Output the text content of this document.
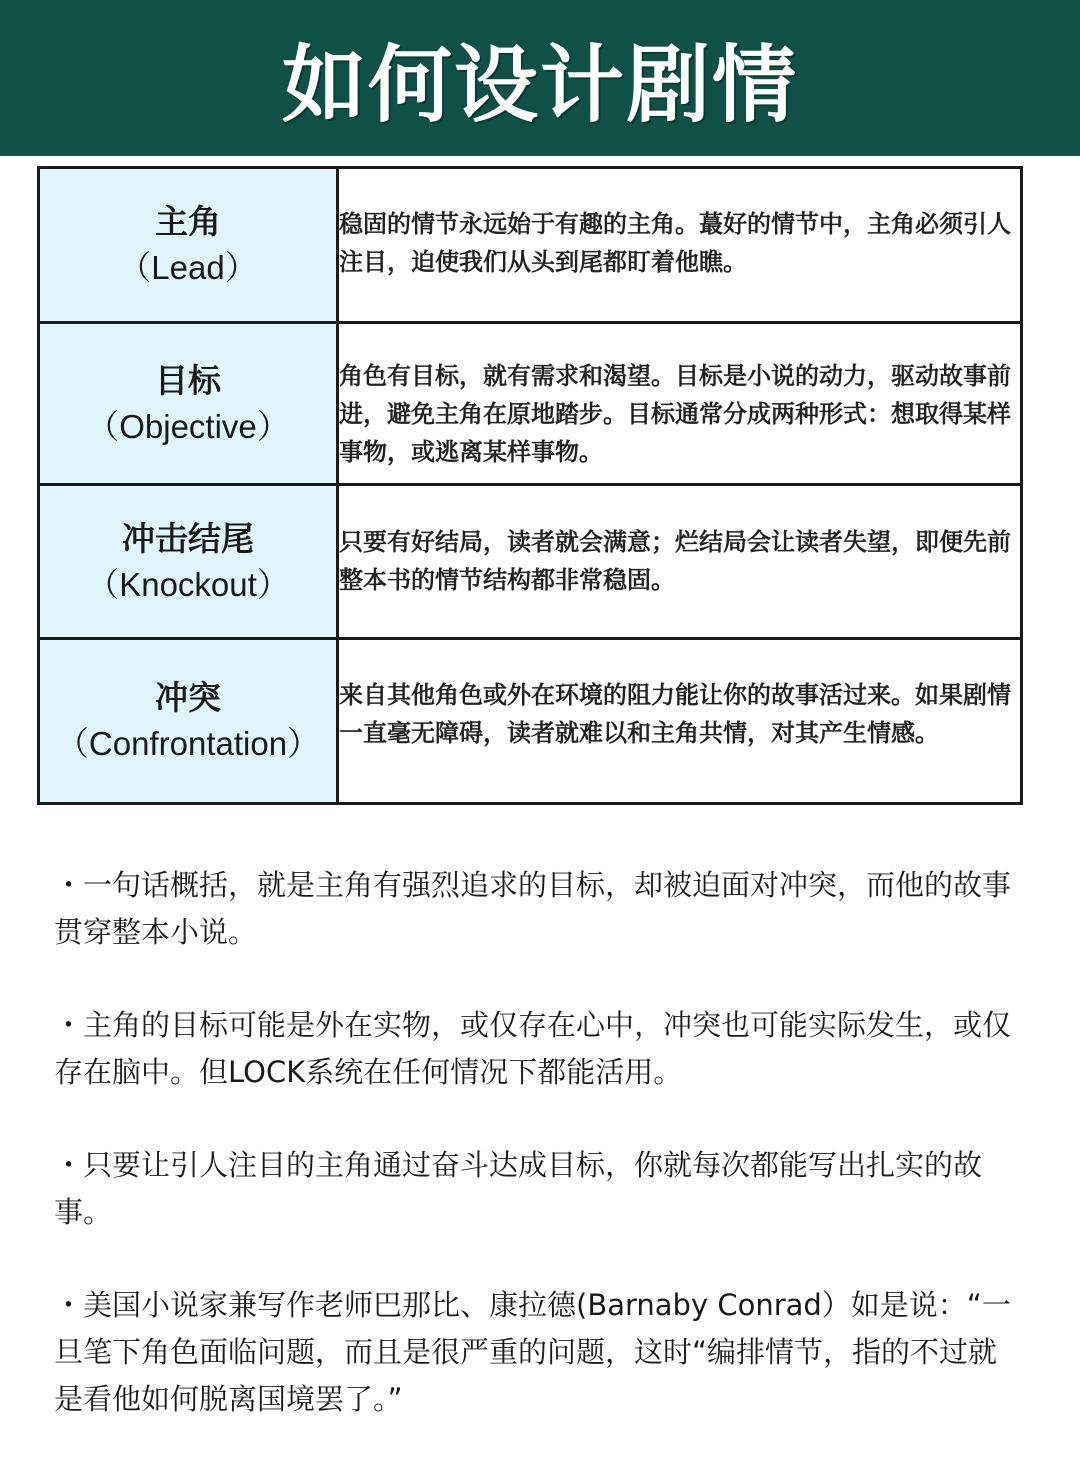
如何设计剧情
主角
（Lead）	稳固的情节永远始于有趣的主角。蕞好的情节中，主角必须引人注目，迫使我们从头到尾都盯着他瞧。
目标
（Objective）	角色有目标，就有需求和渴望。目标是小说的动力，驱动故事前进，避免主角在原地踏步。目标通常分成两种形式：想取得某样事物，或逃离某样事物。
冲击结尾
（Knockout）	只要有好结局，读者就会满意；烂结局会让读者失望，即便先前整本书的情节结构都非常稳固。
冲突
（Confrontation）	来自其他角色或外在环境的阻力能让你的故事活过来。如果剧情一直毫无障碍，读者就难以和主角共情，对其产生情感。

・一句话概括，就是主角有强烈追求的目标，却被迫面对冲突，而他的故事贯穿整本小说。

・主角的目标可能是外在实物，或仅存在心中，冲突也可能实际发生，或仅存在脑中。但LOCK系统在任何情况下都能活用。

・只要让引人注目的主角通过奋斗达成目标，你就每次都能写出扎实的故事。

・美国小说家兼写作老师巴那比、康拉德(Barnaby Conrad）如是说：“一旦笔下角色面临问题，而且是很严重的问题，这时“编排情节，指的不过就是看他如何脱离国境罢了。”
